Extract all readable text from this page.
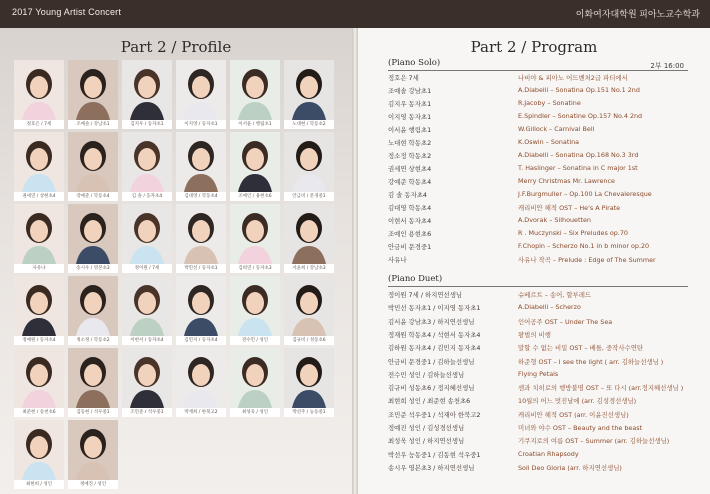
2017 Young Artist Concert	이화여자대학원 피아노교수학과
Part 2 / Profile
정호은 / 7세	조예솔 / 강남초1	김지우 / 동자초1	이지영 / 동자초1	이서윤 / 행림초1	노대현 / 학동초2
권세연 / 상현초4	강예준 / 학동초4	김 솔 / 동자초4	김대영 / 학동초4	조예인 / 용현초6	안금비 / 문경중1
사유나	송시우 / 영본초3	정이원 / 7세	박민선 / 동자초1	김희연 / 동자초3	서윤희 / 강남초3
정예원 / 동자초4	정소정 / 학동초2	이현서 / 동자초4	김민지 / 동자초4	전수민 / 성인	김규비 / 성동초6
최준현 / 송천초6	김동현 / 석우중1	조민준 / 석우중1	박재희 / 한북고2	최성욱 / 성인	박선주 / 능동중1
최현희 / 성인	정예진 / 성인
Part 2 / Program
(Piano Solo)	2부 16:00
정호은 7세	나비야 & 피아노 어드벤처2급 파티에서
조예솔 강남초1	A.Diabelli – Sonatina Op.151 No.1 2nd
김지우 동자초1	R.Jacoby – Sonatine
이지영 동자초1	E.Spindler – Sonatine Op.157 No.4 2nd
이서윤 행림초1	W.Gillock – Carnival Bell
노대현 학동초2	K.Oswin – Sonatina
정소정 학동초2	A.Diabelli – Sonatina Op.168 No.3 3rd
권세연 상현초4	T. Haslinger – Sonatina in C major 1st
강예준 학동초4	Merry Christmas Mr. Lawrence
김 솔 동자초4	J.F.Burgmuller – Op.100 La Chevaleresque
김대영 학동초4	캐리비안 해적 OST – He's A Pirate
이현서 동자초4	A.Dvorak – Silhouetten
조예인 용현초6	R . Muczynski – Six Preludes op.70
안금비 문경중1	F.Chopin – Scherzo No.1 in b minor op.20
사유나	사유나 작곡 – Prelude : Edge of The Summer
(Piano Duet)
정이원 7세 / 하지연선생님	슈베르트 – 송어, 할부레드
박민선 동자초1 / 이지영 동자초1	A.Diabelli – Scherzo
김서윤 강남초3 / 하지연선생님	인어공주 OST – Under The Sea
정재원 학동초4 / 석현서 동자초4	왕벌의 비행
김하원 동자초4 / 김민지 동자초4	말할 수 없는 비밀 OST – 배틀, 중작사수연탄
안금비 문경중1 / 김하늘선생님	하준형 OST – I see the light ( arr. 김하늘선생님 )
전수민 성인 / 김하늘선생님	Flying Petals
김규비 성동초6 / 정지혜선생님	센과 치히로의 행방불명 OST – 또 다시 (arr.정지혜선생님 )
최현희 성인 / 최준현 송천초6	10월의 어느 멋진날에 (arr. 김성경선생님)
조민준 석우중1 / 석재아 한북고2	캐리비안 해적 OST (arr. 이윤진선생님)
정예진 성인 / 김성경선생님	미녀와 야수 OST – Beauty and the beast
최성욱 성인 / 하지연선생님	기쿠지로의 여름 OST – Summer (arr. 김하늘선생님)
박선우 능동중1 / 김동현 석우중1	Croatian Rhapsody
송시우 영본초3 / 하지연선생님	Soli Deo Gloria (arr. 하지연선생님)
